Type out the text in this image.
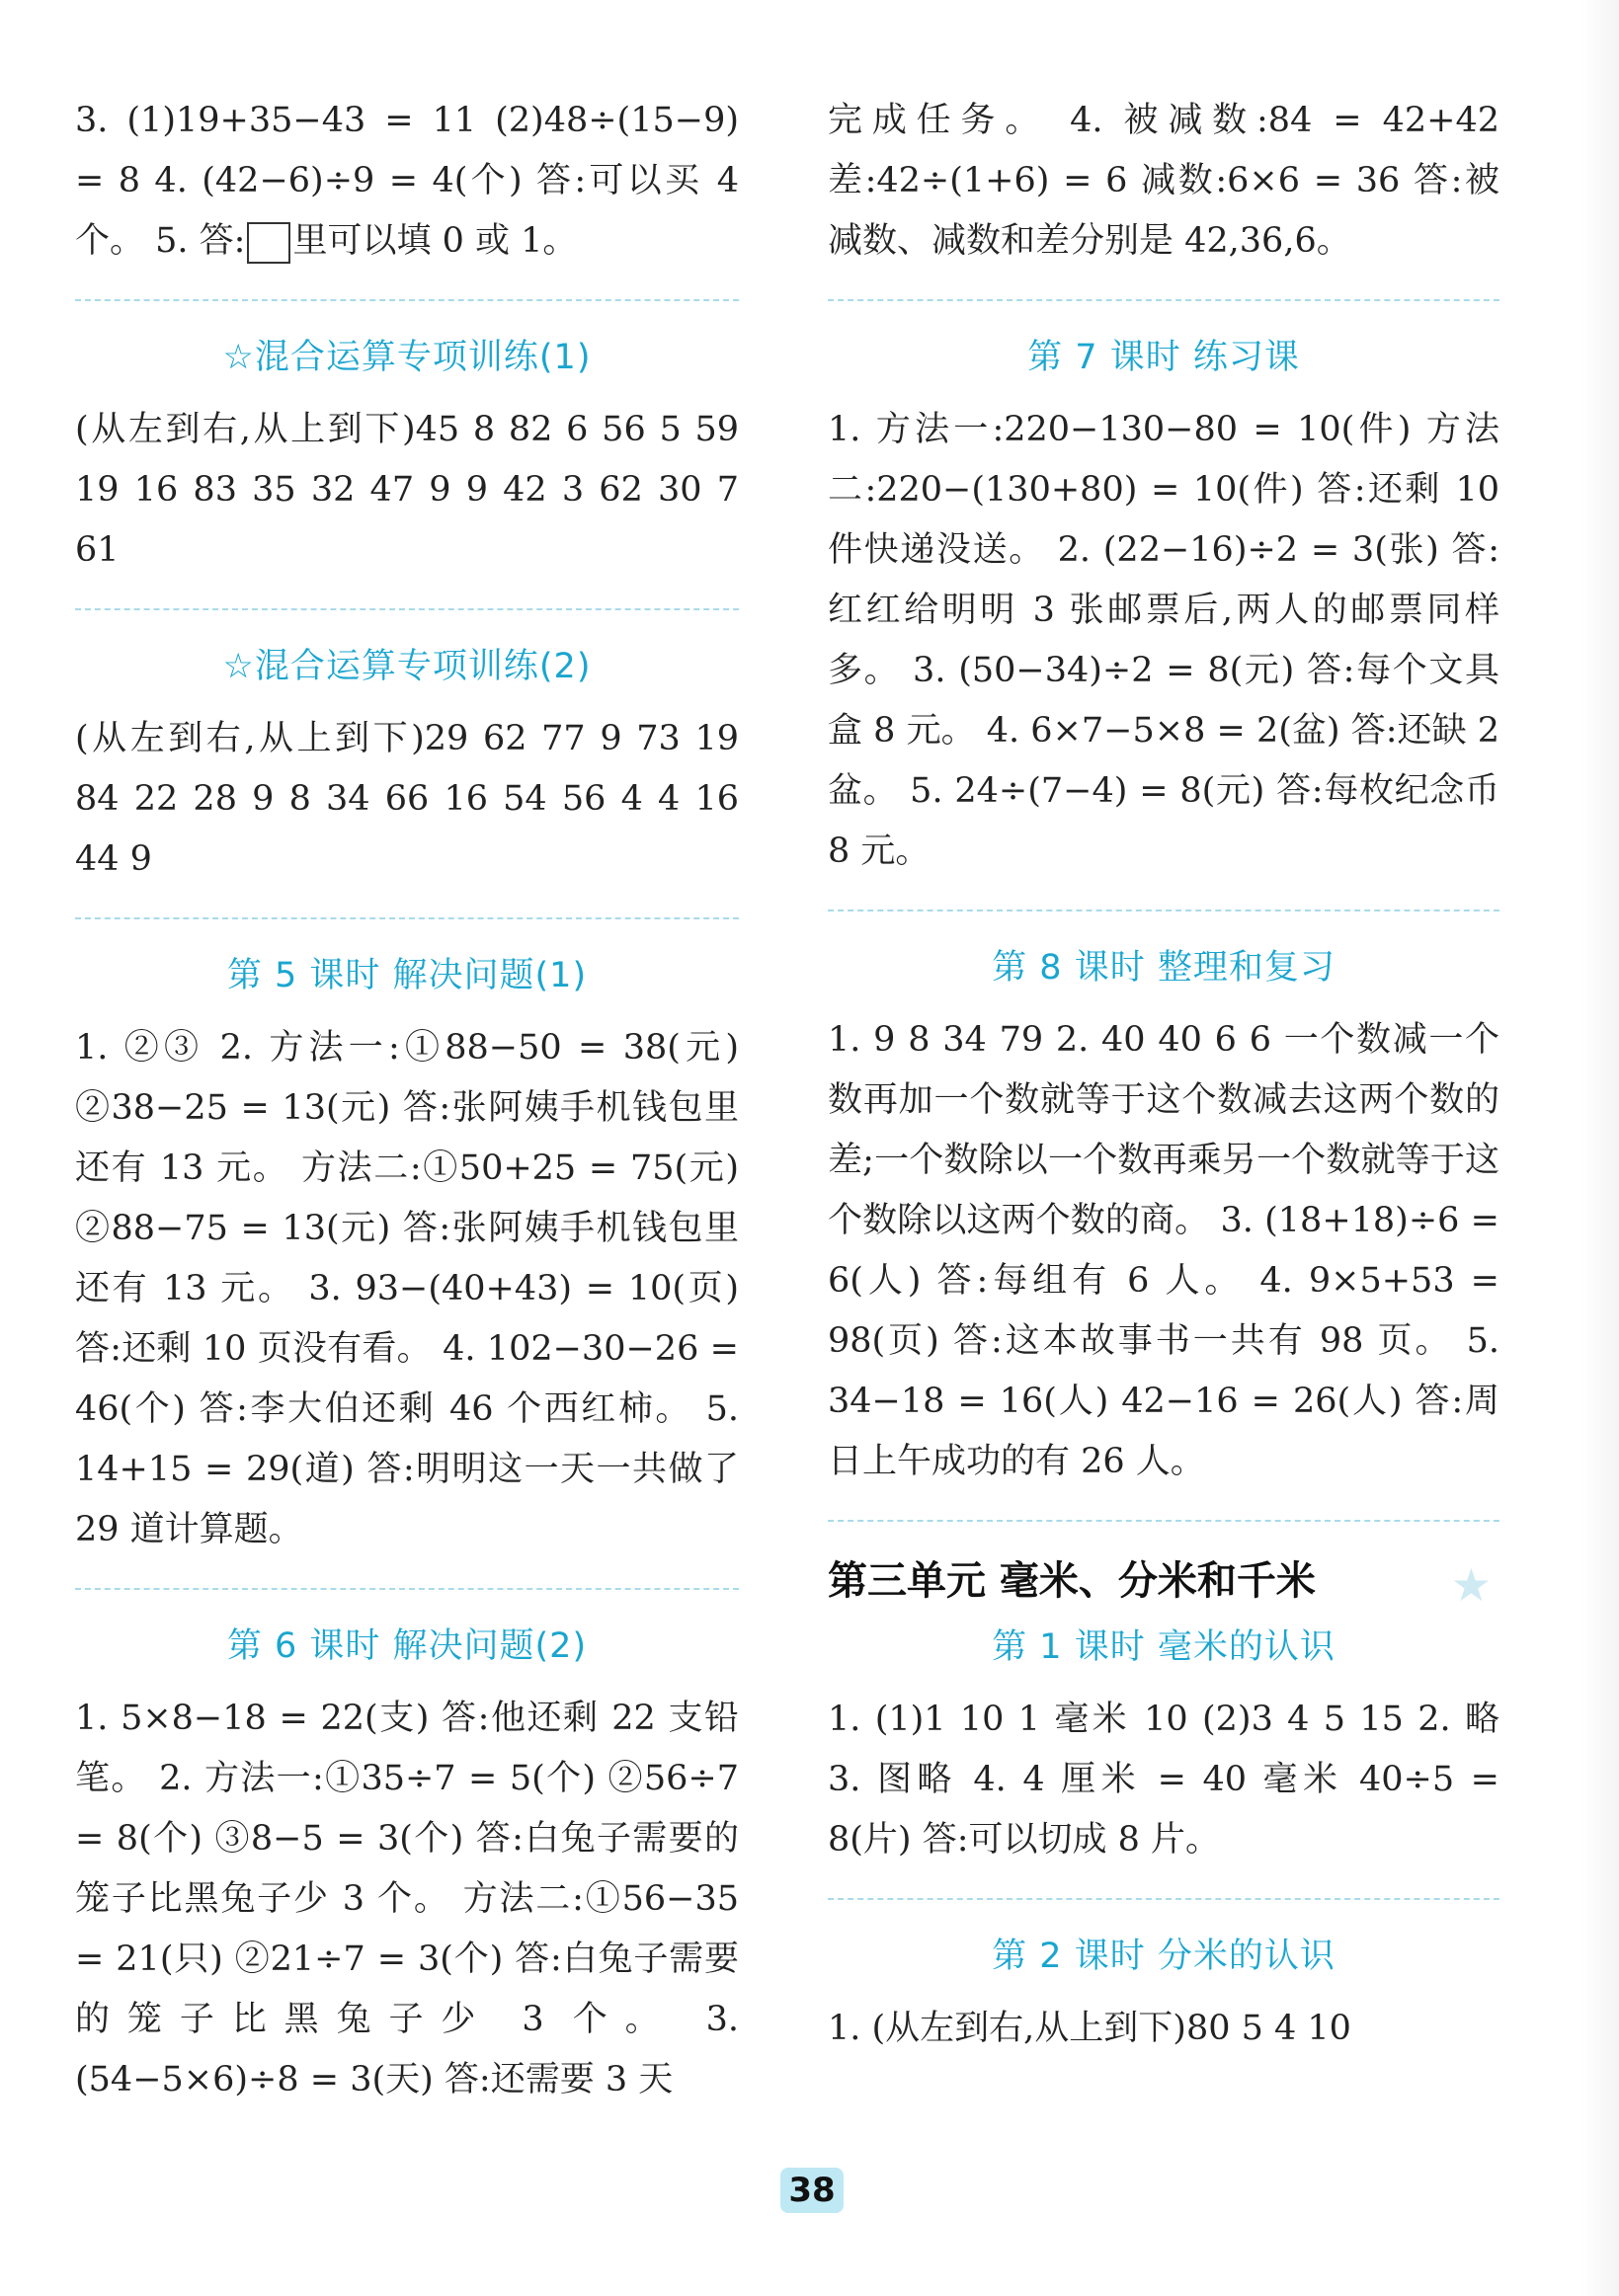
3. (1)19+35−43 = 11 (2)48÷(15−9) = 8 4. (42−6)÷9 = 4(个) 答:可以买 4 个。 5. 答: 里可以填 0 或 1。

☆混合运算专项训练(1)

(从左到右,从上到下)45 8 82 6 56 5 59 19 16 83 35 32 47 9 9 42 3 62 30 7 61

☆混合运算专项训练(2)

(从左到右,从上到下)29 62 77 9 73 19 84 22 28 9 8 34 66 16 54 56 4 4 16 44 9

第 5 课时 解决问题(1)

1. ②③ 2. 方法一:①88−50 = 38(元) ②38−25 = 13(元) 答:张阿姨手机钱包里还有 13 元。 方法二:①50+25 = 75(元) ②88−75 = 13(元) 答:张阿姨手机钱包里还有 13 元。 3. 93−(40+43) = 10(页) 答:还剩 10 页没有看。 4. 102−30−26 = 46(个) 答:李大伯还剩 46 个西红柿。 5. 14+15 = 29(道) 答:明明这一天一共做了 29 道计算题。

第 6 课时 解决问题(2)

1. 5×8−18 = 22(支) 答:他还剩 22 支铅笔。 2. 方法一:①35÷7 = 5(个) ②56÷7 = 8(个) ③8−5 = 3(个) 答:白兔子需要的笼子比黑兔子少 3 个。 方法二:①56−35 = 21(只) ②21÷7 = 3(个) 答:白兔子需要的笼子比黑兔子少 3 个。 3. (54−5×6)÷8 = 3(天) 答:还需要 3 天

完成任务。 4. 被减数:84 = 42+42 差:42÷(1+6) = 6 减数:6×6 = 36 答:被减数、减数和差分别是 42,36,6。

第 7 课时 练习课

1. 方法一:220−130−80 = 10(件) 方法二:220−(130+80) = 10(件) 答:还剩 10 件快递没送。 2. (22−16)÷2 = 3(张) 答:红红给明明 3 张邮票后,两人的邮票同样多。 3. (50−34)÷2 = 8(元) 答:每个文具盒 8 元。 4. 6×7−5×8 = 2(盆) 答:还缺 2 盆。 5. 24÷(7−4) = 8(元) 答:每枚纪念币 8 元。

第 8 课时 整理和复习

1. 9 8 34 79 2. 40 40 6 6 一个数减一个数再加一个数就等于这个数减去这两个数的差;一个数除以一个数再乘另一个数就等于这个数除以这两个数的商。 3. (18+18)÷6 = 6(人) 答:每组有 6 人。 4. 9×5+53 = 98(页) 答:这本故事书一共有 98 页。 5. 34−18 = 16(人) 42−16 = 26(人) 答:周日上午成功的有 26 人。

第三单元 毫米、分米和千米	★
第 1 课时 毫米的认识

1. (1)1 10 1 毫米 10 (2)3 4 5 15 2. 略 3. 图略 4. 4 厘米 = 40 毫米 40÷5 = 8(片) 答:可以切成 8 片。

第 2 课时 分米的认识

1. (从左到右,从上到下)80 5 4 10

38
